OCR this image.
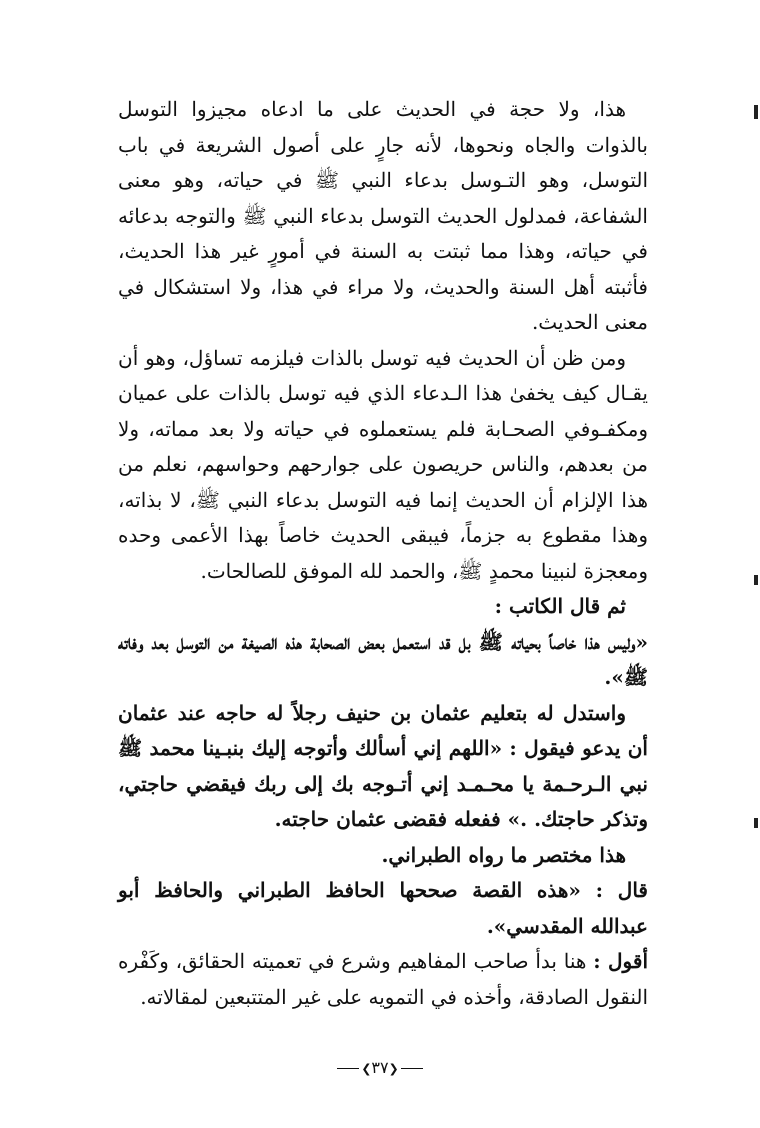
هذا، ولا حجة في الحديث على ما ادعاه مجيزوا التوسل بالذوات والجاه ونحوها، لأنه جارٍ على أصول الشريعة في باب التوسل، وهو التـوسل بدعاء النبي ﷺ في حياته، وهو معنى الشفاعة، فمدلول الحديث التوسل بدعاء النبي ﷺ والتوجه بدعائه في حياته، وهذا مما ثبتت به السنة في أمورٍ غير هذا الحديث، فأثبته أهل السنة والحديث، ولا مراء في هذا، ولا استشكال في معنى الحديث.

ومن ظن أن الحديث فيه توسل بالذات فيلزمه تساؤل، وهو أن يقـال كيف يخفىٰ هذا الـدعاء الذي فيه توسل بالذات على عميان ومكفـوفي الصحـابة فلم يستعملوه في حياته ولا بعد مماته، ولا من بعدهم، والناس حريصون على جوارحهم وحواسهم، نعلم من هذا الإلزام أن الحديث إنما فيه التوسل بدعاء النبي ﷺ، لا بذاته، وهذا مقطوع به جزماً، فيبقى الحديث خاصاً بهذا الأعمى وحده ومعجزة لنبينا محمدٍ ﷺ، والحمد لله الموفق للصالحات.

ثم قال الكاتب :

«وليس هذا خاصاً بحياته ﷺ بل قد استعمل بعض الصحابة هذه الصيغة من التوسل بعد وفاته ﷺ».

واستدل له بتعليم عثمان بن حنيف رجلاً له حاجه عند عثمان أن يدعو فيقول : «اللهم إني أسألك وأتوجه إليك بنبـينا محمد ﷺ نبي الـرحـمة يا محـمـد إني أتـوجه بك إلى ربك فيقضي حاجتي، وتذكر حاجتك. .» ففعله فقضى عثمان حاجته.

هذا مختصر ما رواه الطبراني.

قال : «هذه القصة صححها الحافظ الطبراني والحافظ أبو عبدالله المقدسي».

أقول : هنا بدأ صاحب المفاهيم وشرع في تعميته الحقائق، وكَفْره النقول الصادقة، وأخذه في التمويه على غير المتتبعين لمقالاته.

❮٣٧❯
